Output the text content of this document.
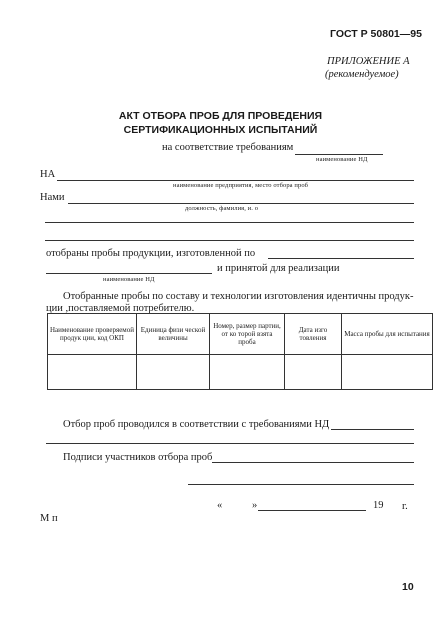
ГОСТ Р 50801—95
ПРИЛОЖЕНИЕ А
(рекомендуемое)
АКТ ОТБОРА ПРОБ ДЛЯ ПРОВЕДЕНИЯ
СЕРТИФИКАЦИОННЫХ ИСПЫТАНИЙ
на соответствие требованиям
наименование НД
НА
наименование предприятия, место отбора проб
Нами
должность, фамилия, и. о
отобраны пробы продукции, изготовленной по
и принятой для реализации
наименование НД
Отобранные пробы по составу и технологии изготовления идентичны продук-
ции ,поставляемой потребителю.
Наименование проверяемой продук ции, код ОКП	Единица физи ческой величины	Номер, размер партии, от ко торой взята проба	Дата изго товления	Масса пробы для испытания

Отбор проб проводился в соответствии с требованиями НД
Подписи участников отбора проб
«	»	19 г.
М п
10
